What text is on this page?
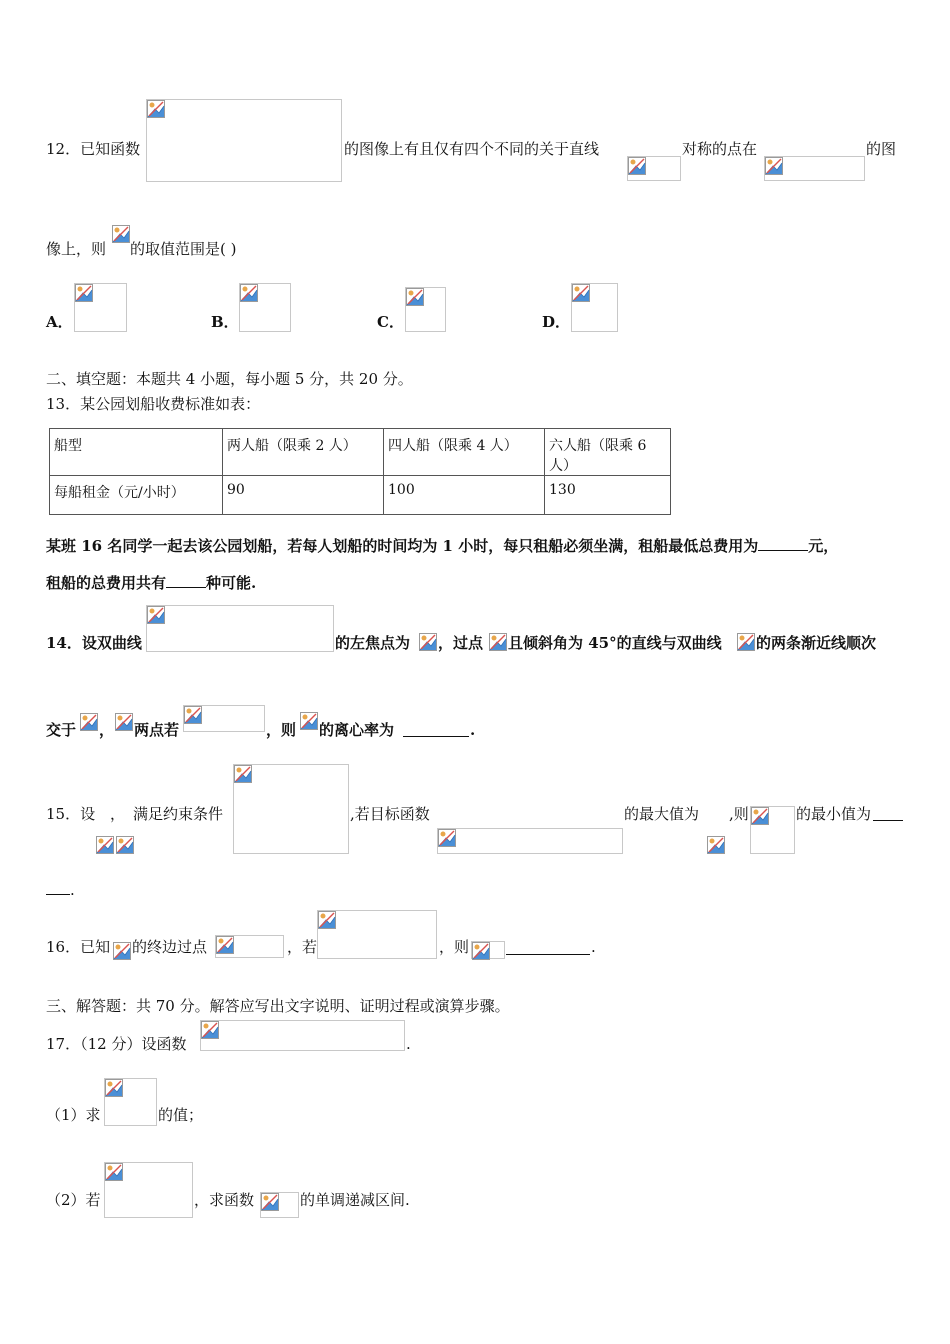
12．已知函数	的图像上有且仅有四个不同的关于直线	对称的点在	的图
像上，则 的取值范围是( )
A．	B．	C．	D．
二、填空题：本题共 4 小题，每小题 5 分，共 20 分。
13．某公园划船收费标准如表：
船型	两人船（限乘 2 人）	四人船（限乘 4 人）	六人船（限乘 6 人）

每船租金（元/小时）	90	100	130
某班 16 名同学一起去该公园划船，若每人划船的时间均为 1 小时，每只租船必须坐满，租船最低总费用为	元，
租船的总费用共有	种可能.
14．设双曲线	的左焦点为 ，过点 且倾斜角为 45°的直线与双曲线 的两条渐近线顺次
交于 ， 两点若	，则 的离心率为	.
15．设 ， 满足约束条件	,若目标函数	的最大值为 ,则	的最小值为
.
16．已知 的终边过点	，若	，则	.
三、解答题：共 70 分。解答应写出文字说明、证明过程或演算步骤。
17．（12 分）设函数	.
（1）求	的值；
（2）若	，求函数	的单调递减区间.
